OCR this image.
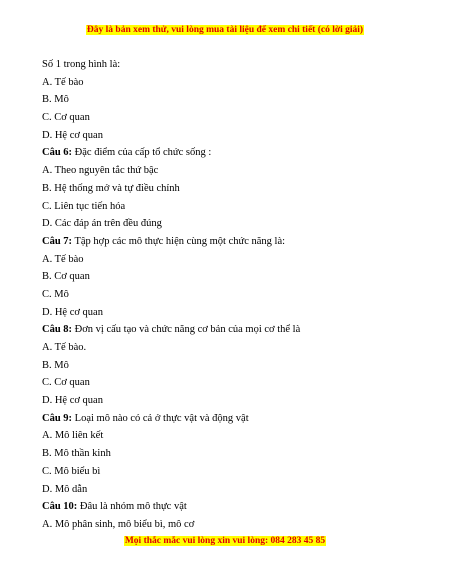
Đây là bản xem thử, vui lòng mua tài liệu để xem chi tiết (có lời giải)
Số 1 trong hình là:
A. Tế bào
B. Mô
C. Cơ quan
D. Hệ cơ quan
Câu 6: Đặc điểm của cấp tổ chức sống :
A. Theo nguyên tắc thứ bậc
B. Hệ thống mở và tự điều chỉnh
C. Liên tục tiến hóa
D. Các đáp án trên đều đúng
Câu 7: Tập hợp các mô thực hiện cùng một chức năng là:
A. Tế bào
B. Cơ quan
C. Mô
D. Hệ cơ quan
Câu 8: Đơn vị cấu tạo và chức năng cơ bản của mọi cơ thể là
A. Tế bào.
B. Mô
C. Cơ quan
D. Hệ cơ quan
Câu 9: Loại mô nào có cả ở thực vật và động vật
A. Mô liên kết
B. Mô thần kinh
C. Mô biểu bì
D. Mô dẫn
Câu 10: Đâu là nhóm mô thực vật
A. Mô phân sinh, mô biểu bì, mô cơ
Mọi thắc mắc vui lòng xin vui lòng: 084 283 45 85
